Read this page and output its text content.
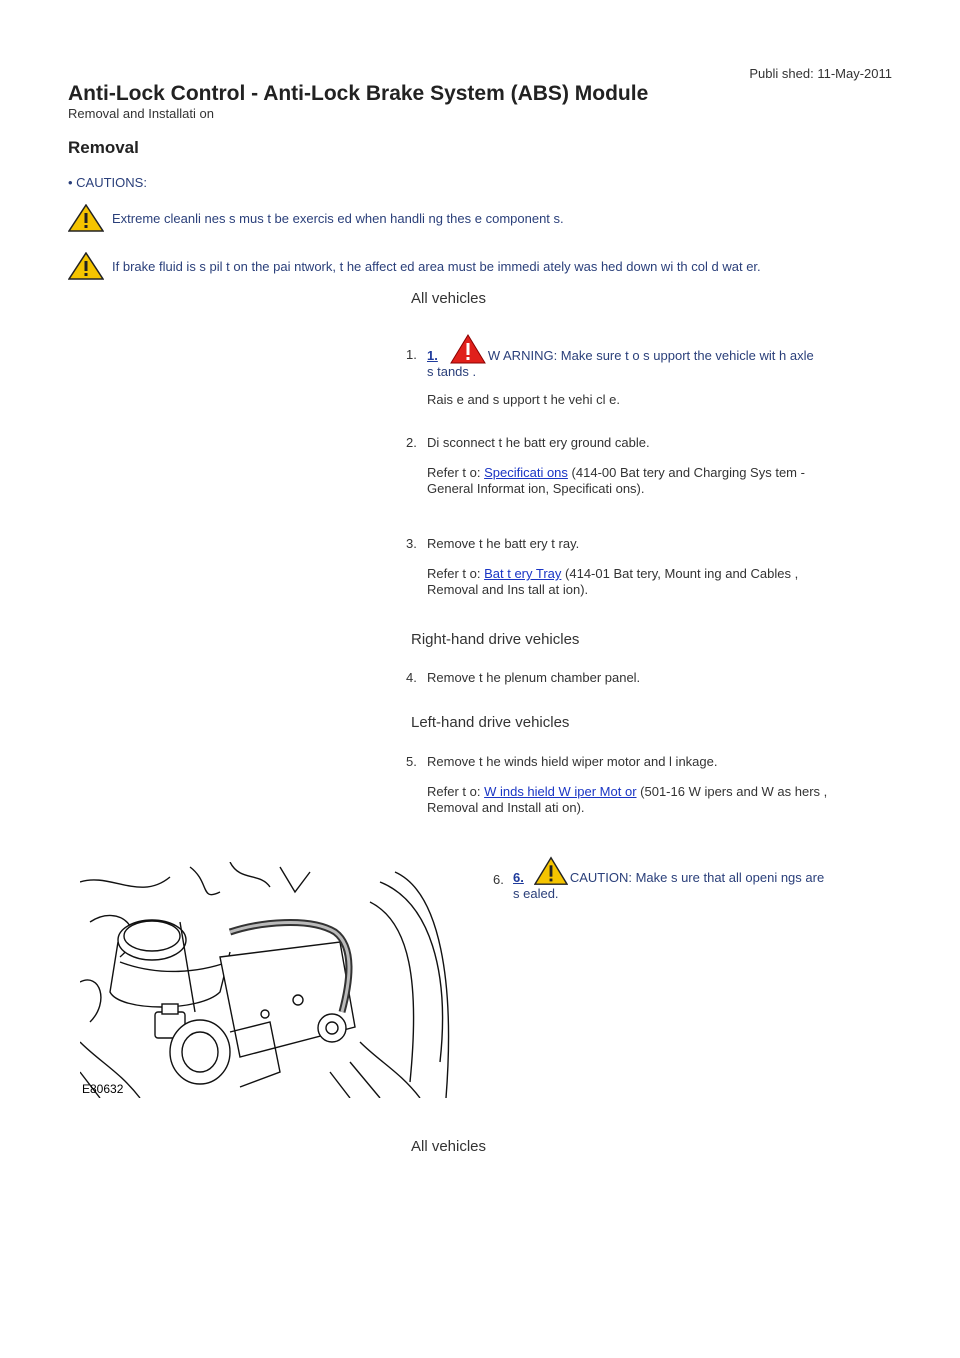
Publi shed: 11-May-2011
Anti-Lock Control - Anti-Lock Brake System (ABS) Module
Removal and Installati on
Removal
• CAUTIONS:
Extreme cleanli nes s mus t be exercis ed when handli ng thes e component s.
If brake fluid is s pil t on the pai ntwork, t he affect ed area must be immedi ately was hed down wi th col d wat er.
All vehicles
1. 1.	W ARNING: Make sure t o s upport the vehicle wit h axle
s tands .
Rais e and s upport t he vehi cl e.
2. Di sconnect t he batt ery ground cable.
Refer t o: Specificati ons (414-00 Bat tery and Charging Sys tem -
General Informat ion, Specificati ons).
3. Remove t he batt ery t ray.
Refer t o: Bat t ery Tray (414-01 Bat tery, Mount ing and Cables ,
Removal and Ins tall at ion).
Right-hand drive vehicles
4. Remove t he plenum chamber panel.
Left-hand drive vehicles
5. Remove t he winds hield wiper motor and l inkage.
Refer t o: W inds hield W iper Mot or (501-16 W ipers and W as hers ,
Removal and Install ati on).
E80632
6. 6.	CAUTION: Make s ure that all openi ngs are
s ealed.
All vehicles
